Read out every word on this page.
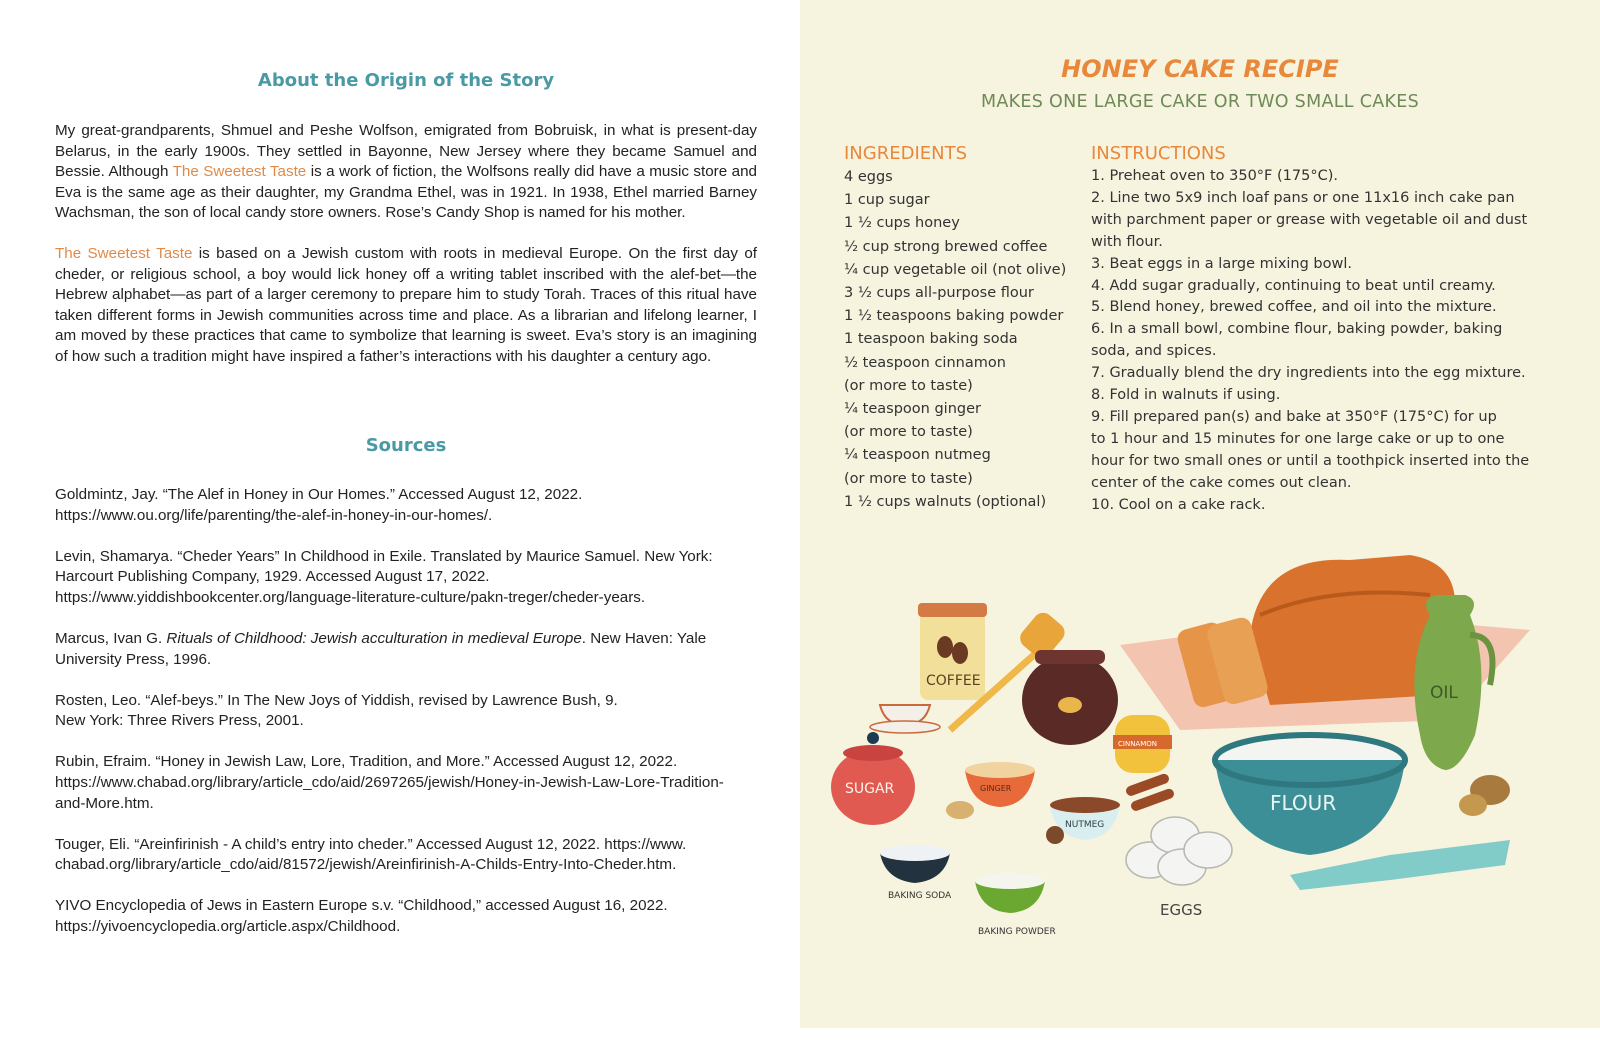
About the Origin of the Story

My great-grandparents, Shmuel and Peshe Wolfson, emigrated from Bobruisk, in what is present-day Belarus, in the early 1900s. They settled in Bayonne, New Jersey where they became Samuel and Bessie. Although The Sweetest Taste is a work of fiction, the Wolfsons really did have a music store and Eva is the same age as their daughter, my Grandma Ethel, was in 1921. In 1938, Ethel married Barney Wachsman, the son of local candy store owners. Rose’s Candy Shop is named for his mother.

The Sweetest Taste is based on a Jewish custom with roots in medieval Europe. On the first day of cheder, or religious school, a boy would lick honey off a writing tablet inscribed with the alef-bet—the Hebrew alphabet—as part of a larger ceremony to prepare him to study Torah. Traces of this ritual have taken different forms in Jewish communities across time and place. As a librarian and lifelong learner, I am moved by these practices that came to symbolize that learning is sweet. Eva’s story is an imagining of how such a tradition might have inspired a father’s interactions with his daughter a century ago.

Sources
Goldmintz, Jay. “The Alef in Honey in Our Homes.” Accessed August 12, 2022.
https://www.ou.org/life/parenting/the-alef-in-honey-in-our-homes/.
Levin, Shamarya. “Cheder Years” In Childhood in Exile. Translated by Maurice Samuel. New York:
Harcourt Publishing Company, 1929. Accessed August 17, 2022.
https://www.yiddishbookcenter.org/language-literature-culture/pakn-treger/cheder-years.
Marcus, Ivan G. Rituals of Childhood: Jewish acculturation in medieval Europe. New Haven: Yale
University Press, 1996.
Rosten, Leo. “Alef-beys.” In The New Joys of Yiddish, revised by Lawrence Bush, 9.
New York: Three Rivers Press, 2001.
Rubin, Efraim. “Honey in Jewish Law, Lore, Tradition, and More.” Accessed August 12, 2022.
https://www.chabad.org/library/article_cdo/aid/2697265/jewish/Honey-in-Jewish-Law-Lore-Tradition-
and-More.htm.
Touger, Eli. “Areinfirinish - A child’s entry into cheder.” Accessed August 12, 2022. https://www.
chabad.org/library/article_cdo/aid/81572/jewish/Areinfirinish-A-Childs-Entry-Into-Cheder.htm.
YIVO Encyclopedia of Jews in Eastern Europe s.v. “Childhood,” accessed August 16, 2022.
https://yivoencyclopedia.org/article.aspx/Childhood.
HONEY CAKE RECIPE
MAKES ONE LARGE CAKE OR TWO SMALL CAKES
INGREDIENTS	INSTRUCTIONS
4 eggs
1 cup sugar
1 ½ cups honey
½ cup strong brewed coffee
¼ cup vegetable oil (not olive)
3 ½ cups all-purpose flour
1 ½ teaspoons baking powder
1 teaspoon baking soda
½ teaspoon cinnamon
(or more to taste)
¼ teaspoon ginger
(or more to taste)
¼ teaspoon nutmeg
(or more to taste)
1 ½ cups walnuts (optional)
1. Preheat oven to 350°F (175°C).
2. Line two 5x9 inch loaf pans or one 11x16 inch cake pan
with parchment paper or grease with vegetable oil and dust
with flour.
3. Beat eggs in a large mixing bowl.
4. Add sugar gradually, continuing to beat until creamy.
5. Blend honey, brewed coffee, and oil into the mixture.
6. In a small bowl, combine flour, baking powder, baking
soda, and spices.
7. Gradually blend the dry ingredients into the egg mixture.
8. Fold in walnuts if using.
9. Fill prepared pan(s) and bake at 350°F (175°C) for up
to 1 hour and 15 minutes for one large cake or up to one
hour for two small ones or until a toothpick inserted into the
center of the cake comes out clean.
10. Cool on a cake rack.
OIL
FLOUR
COFFEE
CINNAMON
SUGAR	GINGER
NUTMEG
BAKING SODA
BAKING POWDER
EGGS
